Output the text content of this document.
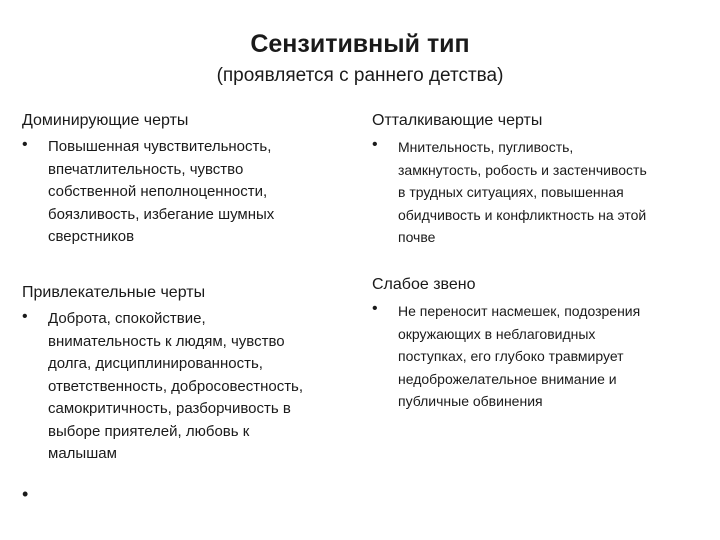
Сензитивный тип
(проявляется с раннего детства)
Доминирующие черты
•	Повышенная чувствительность,
впечатлительность, чувство
собственной неполноценности,
боязливость, избегание шумных
сверстников
Привлекательные черты
•	Доброта, спокойствие,
внимательность к людям, чувство
долга, дисциплинированность,
ответственность, добросовестность,
самокритичность, разборчивость в
выборе приятелей, любовь к
малышам
•
Отталкивающие черты
•	Мнительность, пугливость,
замкнутость, робость и застенчивость
в трудных ситуациях, повышенная
обидчивость и конфликтность на этой
почве
Слабое звено
•	Не переносит насмешек, подозрения
окружающих в неблаговидных
поступках, его глубоко травмирует
недоброжелательное внимание и
публичные обвинения
